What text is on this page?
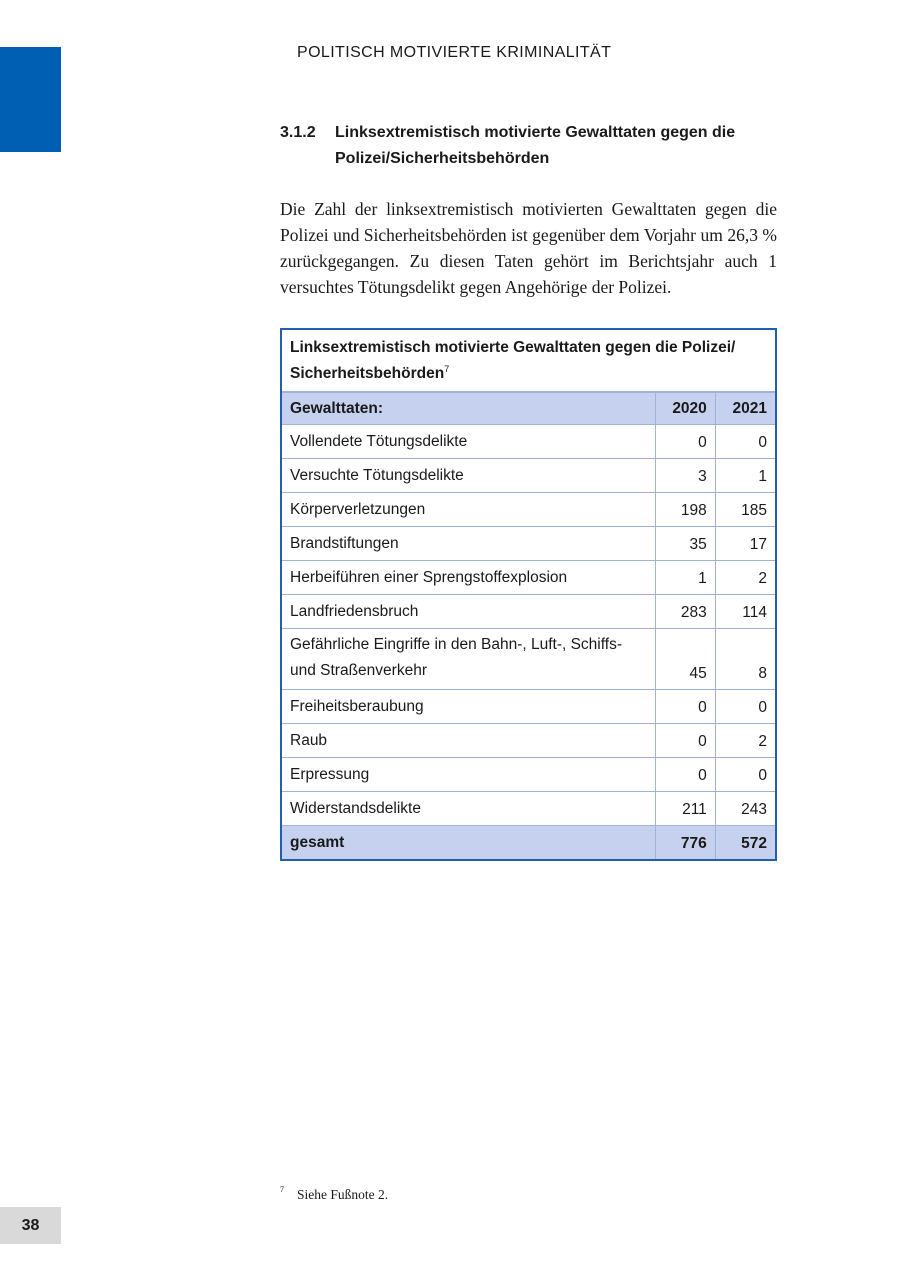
POLITISCH MOTIVIERTE KRIMINALITÄT
3.1.2	Linksextremistisch motivierte Gewalttaten gegen die Polizei/Sicherheitsbehörden

Die Zahl der linksextremistisch motivierten Gewalttaten gegen die Polizei und Sicherheitsbehörden ist gegenüber dem Vorjahr um 26,3 % zurückgegangen. Zu diesen Taten gehört im Berichtsjahr auch 1 versuchtes Tötungsdelikt gegen Angehörige der Polizei.

Linksextremistisch motivierte Gewalttaten gegen die Polizei/ Sicherheitsbehörden$^7$
Gewalttaten:	2020	2021
Vollendete Tötungsdelikte	0	0
Versuchte Tötungsdelikte	3	1
Körperverletzungen	198	185
Brandstiftungen	35	17
Herbeiführen einer Sprengstoffexplosion	1	2
Landfriedensbruch	283	114
Gefährliche Eingriffe in den Bahn-, Luft-, Schiffs- und Straßenverkehr	45	8
Freiheitsberaubung	0	0
Raub	0	2
Erpressung	0	0
Widerstandsdelikte	211	243
gesamt	776	572
7 Siehe Fußnote 2.
38
